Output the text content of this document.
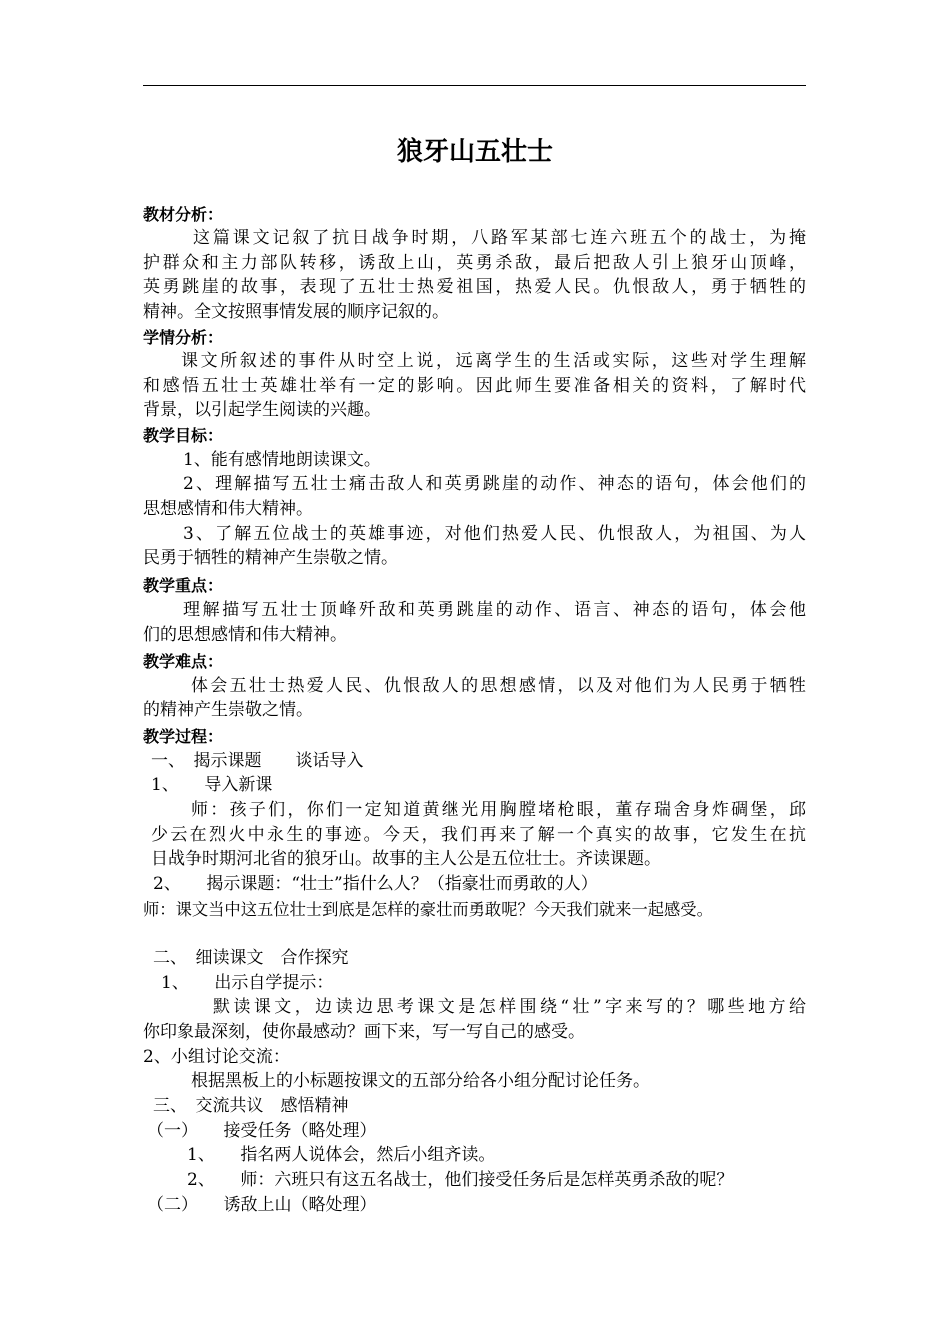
狼牙山五壮士
教材分析：
这篇课文记叙了抗日战争时期，八路军某部七连六班五个的战士，为掩
护群众和主力部队转移，诱敌上山，英勇杀敌，最后把敌人引上狼牙山顶峰，
英勇跳崖的故事，表现了五壮士热爱祖国，热爱人民。仇恨敌人，勇于牺牲的
精神。全文按照事情发展的顺序记叙的。
学情分析：
课文所叙述的事件从时空上说，远离学生的生活或实际，这些对学生理解
和感悟五壮士英雄壮举有一定的影响。因此师生要准备相关的资料，了解时代
背景，以引起学生阅读的兴趣。
教学目标：
1、能有感情地朗读课文。
2、理解描写五壮士痛击敌人和英勇跳崖的动作、神态的语句，体会他们的
思想感情和伟大精神。
3、了解五位战士的英雄事迹，对他们热爱人民、仇恨敌人，为祖国、为人
民勇于牺牲的精神产生崇敬之情。
教学重点：
理解描写五壮士顶峰歼敌和英勇跳崖的动作、语言、神态的语句，体会他
们的思想感情和伟大精神。
教学难点：
体会五壮士热爱人民、仇恨敌人的思想感情，以及对他们为人民勇于牺牲
的精神产生崇敬之情。
教学过程：
一、　揭示课题　　谈话导入
1、　　导入新课
师：孩子们，你们一定知道黄继光用胸膛堵枪眼，董存瑞舍身炸碉堡，邱
少云在烈火中永生的事迹。今天，我们再来了解一个真实的故事，它发生在抗
日战争时期河北省的狼牙山。故事的主人公是五位壮士。齐读课题。
2、　　揭示课题：“壮士”指什么人？（指豪壮而勇敢的人）
师：课文当中这五位壮士到底是怎样的豪壮而勇敢呢？今天我们就来一起感受。
二、　细读课文　合作探究
1、　　出示自学提示：
默读课文，边读边思考课文是怎样围绕“壮”字来写的？哪些地方给
你印象最深刻，使你最感动？画下来，写一写自己的感受。
2、小组讨论交流：
根据黑板上的小标题按课文的五部分给各小组分配讨论任务。
三、　交流共议　感悟精神
（一）　　接受任务（略处理）
1、　　指名两人说体会，然后小组齐读。
2、　　师：六班只有这五名战士，他们接受任务后是怎样英勇杀敌的呢？
（二）　　诱敌上山（略处理）
